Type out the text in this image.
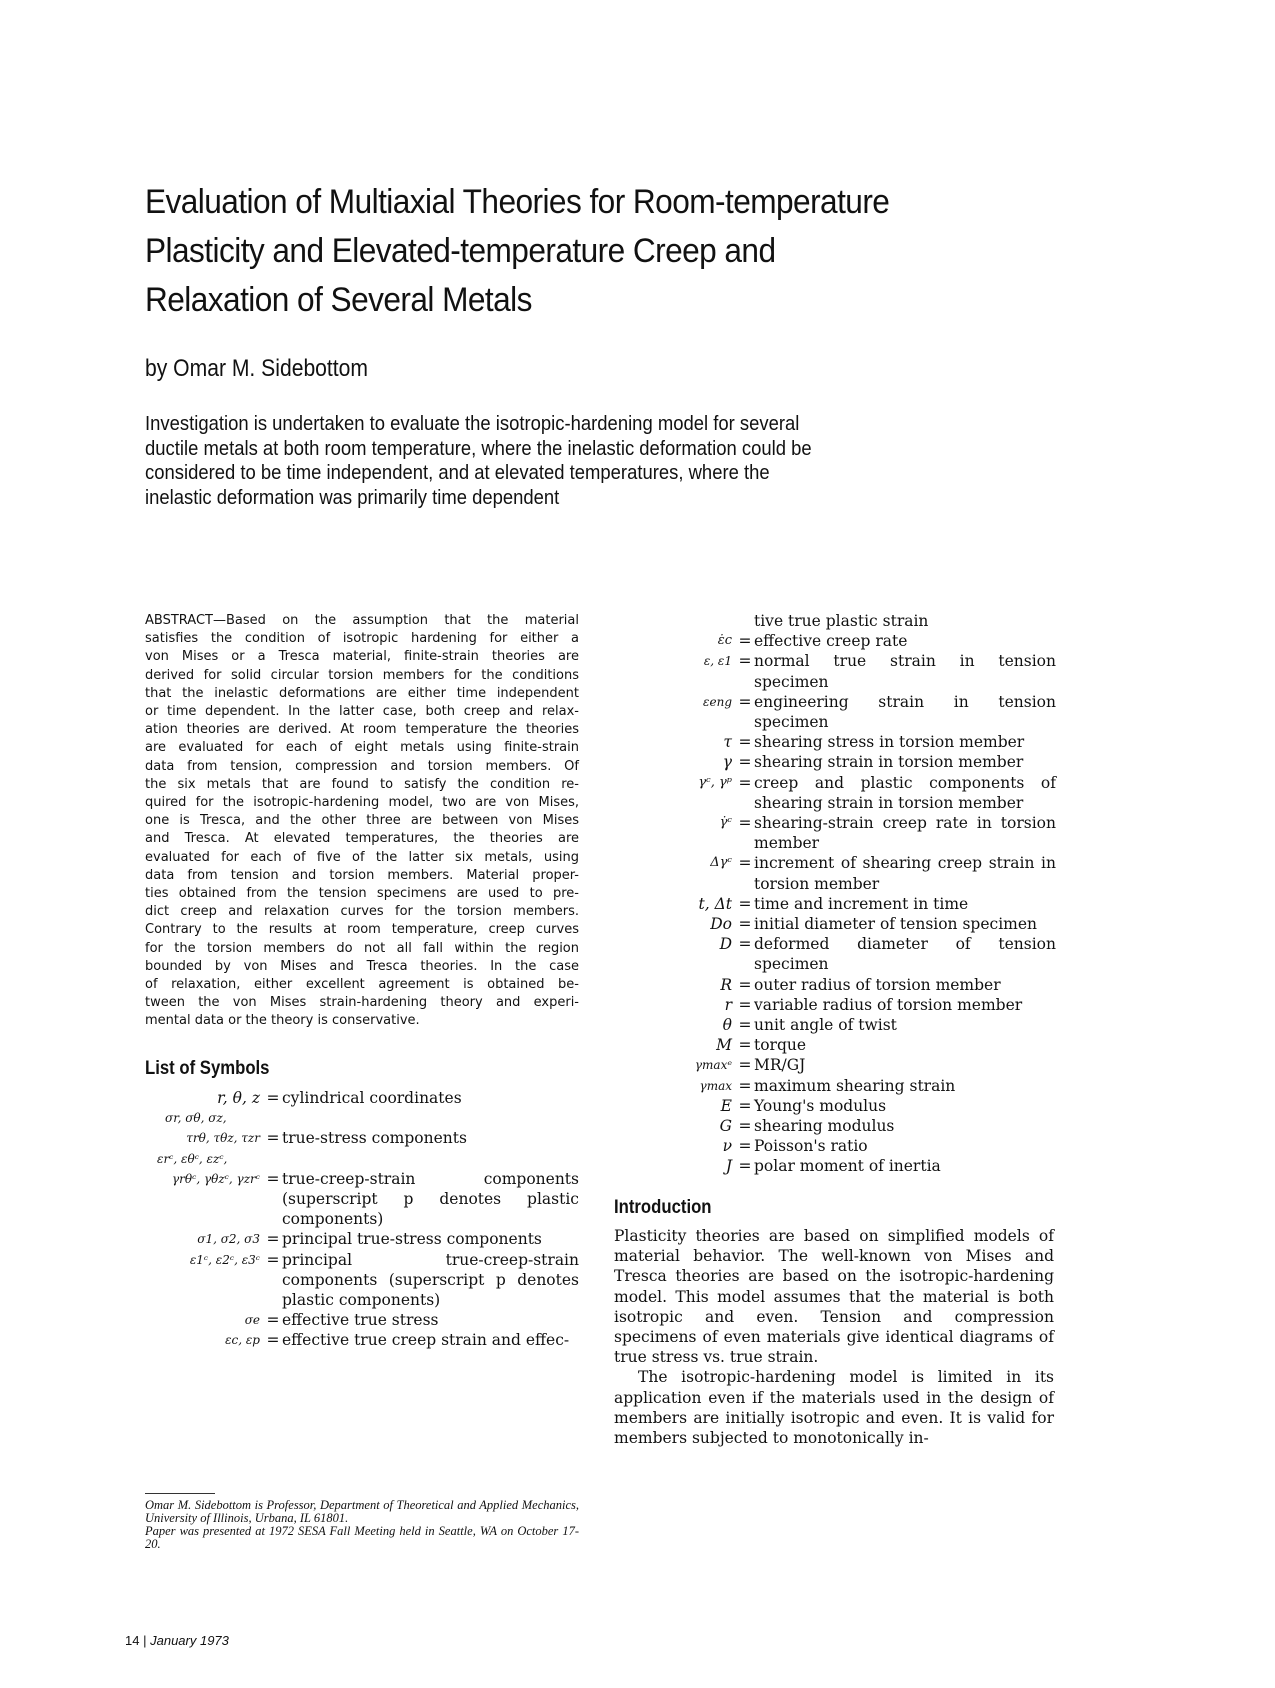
Evaluation of Multiaxial Theories for Room-temperature
Plasticity and Elevated-temperature Creep and
Relaxation of Several Metals
by Omar M. Sidebottom
Investigation is undertaken to evaluate the isotropic-hardening model for several ductile metals at both room temperature, where the inelastic deformation could be considered to be time independent, and at elevated temperatures, where the inelastic deformation was primarily time dependent
ABSTRACT—Based on the assumption that the material
satisfies the condition of isotropic hardening for either a
von Mises or a Tresca material, finite-strain theories are
derived for solid circular torsion members for the conditions
that the inelastic deformations are either time independent
or time dependent. In the latter case, both creep and relax-
ation theories are derived. At room temperature the theories
are evaluated for each of eight metals using finite-strain
data from tension, compression and torsion members. Of
the six metals that are found to satisfy the condition re-
quired for the isotropic-hardening model, two are von Mises,
one is Tresca, and the other three are between von Mises
and Tresca. At elevated temperatures, the theories are
evaluated for each of five of the latter six metals, using
data from tension and torsion members. Material proper-
ties obtained from the tension specimens are used to pre-
dict creep and relaxation curves for the torsion members.
Contrary to the results at room temperature, creep curves
for the torsion members do not all fall within the region
bounded by von Mises and Tresca theories. In the case
of relaxation, either excellent agreement is obtained be-
tween the von Mises strain-hardening theory and experi-
mental data or the theory is conservative.
List of Symbols
r, θ, z = cylindrical coordinates
σr, σθ, σz,
τrθ, τθz, τzr = true-stress components
εrᶜ, εθᶜ, εzᶜ,
γrθᶜ, γθzᶜ, γzrᶜ = true-creep-strain components (superscript p denotes plastic components)
σ1, σ2, σ3 = principal true-stress components
ε1ᶜ, ε2ᶜ, ε3ᶜ = principal true-creep-strain components (superscript p denotes plastic components)
σe = effective true stress
εc, εp = effective true creep strain and effec-
tive true plastic strain
ε̇c = effective creep rate
ε, ε1 = normal true strain in tension specimen
εeng = engineering strain in tension specimen
τ = shearing stress in torsion member
γ = shearing strain in torsion member
γᶜ, γᵖ = creep and plastic components of shearing strain in torsion member
γ̇ᶜ = shearing-strain creep rate in torsion member
Δγᶜ = increment of shearing creep strain in torsion member
t, Δt = time and increment in time
Do = initial diameter of tension specimen
D = deformed diameter of tension specimen
R = outer radius of torsion member
r = variable radius of torsion member
θ = unit angle of twist
M = torque
γmaxᵉ = MR/GJ
γmax = maximum shearing strain
E = Young's modulus
G = shearing modulus
ν = Poisson's ratio
J = polar moment of inertia
Introduction

Plasticity theories are based on simplified models of material behavior. The well-known von Mises and Tresca theories are based on the isotropic-hardening model. This model assumes that the material is both isotropic and even. Tension and compression specimens of even materials give identical diagrams of true stress vs. true strain.

The isotropic-hardening model is limited in its application even if the materials used in the design of members are initially isotropic and even. It is valid for members subjected to monotonically in-

Omar M. Sidebottom is Professor, Department of Theoretical and Applied Mechanics, University of Illinois, Urbana, IL 61801.

Paper was presented at 1972 SESA Fall Meeting held in Seattle, WA on October 17-20.

14 | January 1973
